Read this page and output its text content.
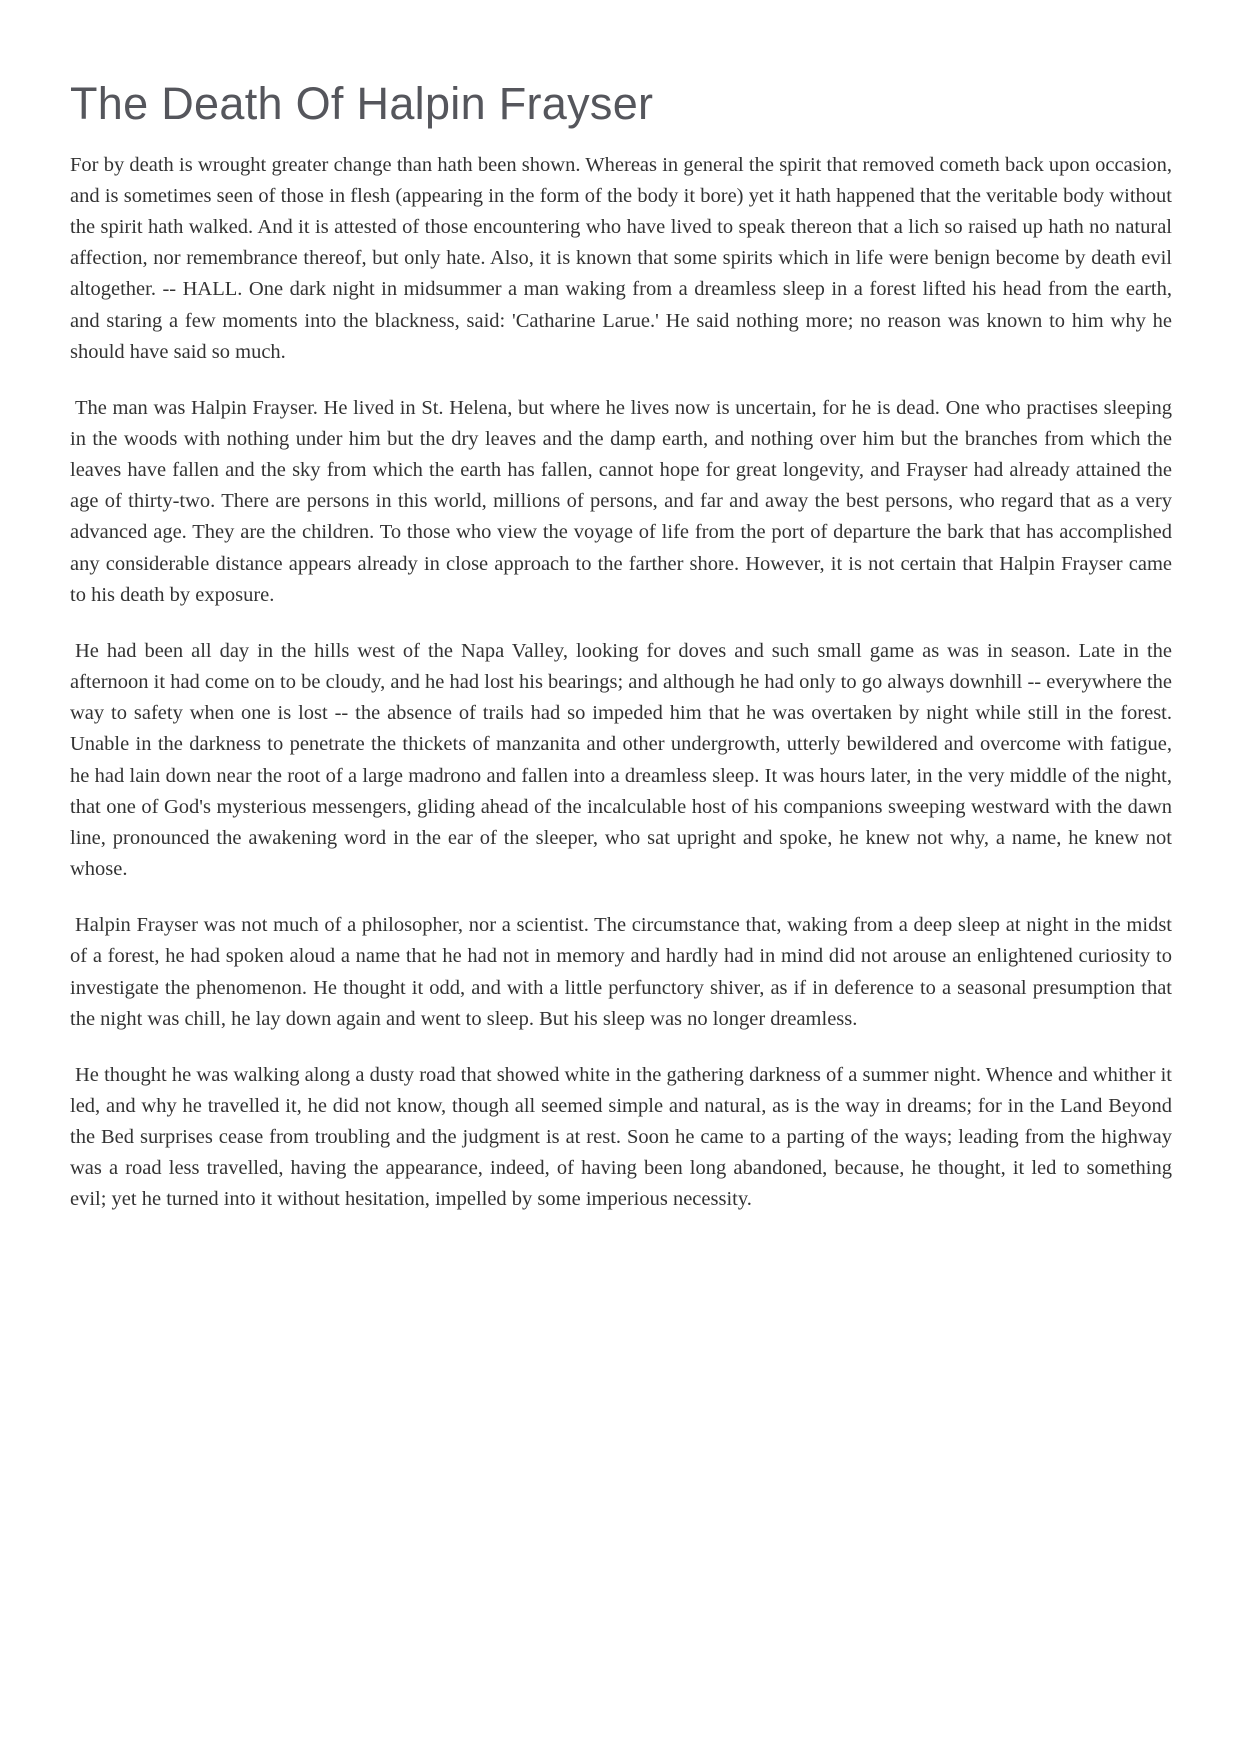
The Death Of Halpin Frayser

For by death is wrought greater change than hath been shown. Whereas in general the spirit that removed cometh back upon occasion, and is sometimes seen of those in flesh (appearing in the form of the body it bore) yet it hath happened that the veritable body without the spirit hath walked. And it is attested of those encountering who have lived to speak thereon that a lich so raised up hath no natural affection, nor remembrance thereof, but only hate. Also, it is known that some spirits which in life were benign become by death evil altogether. -- HALL. One dark night in midsummer a man waking from a dreamless sleep in a forest lifted his head from the earth, and staring a few moments into the blackness, said: 'Catharine Larue.' He said nothing more; no reason was known to him why he should have said so much.

The man was Halpin Frayser. He lived in St. Helena, but where he lives now is uncertain, for he is dead. One who practises sleeping in the woods with nothing under him but the dry leaves and the damp earth, and nothing over him but the branches from which the leaves have fallen and the sky from which the earth has fallen, cannot hope for great longevity, and Frayser had already attained the age of thirty-two. There are persons in this world, millions of persons, and far and away the best persons, who regard that as a very advanced age. They are the children. To those who view the voyage of life from the port of departure the bark that has accomplished any considerable distance appears already in close approach to the farther shore. However, it is not certain that Halpin Frayser came to his death by exposure.

He had been all day in the hills west of the Napa Valley, looking for doves and such small game as was in season. Late in the afternoon it had come on to be cloudy, and he had lost his bearings; and although he had only to go always downhill -- everywhere the way to safety when one is lost -- the absence of trails had so impeded him that he was overtaken by night while still in the forest. Unable in the darkness to penetrate the thickets of manzanita and other undergrowth, utterly bewildered and overcome with fatigue, he had lain down near the root of a large madrono and fallen into a dreamless sleep. It was hours later, in the very middle of the night, that one of God's mysterious messengers, gliding ahead of the incalculable host of his companions sweeping westward with the dawn line, pronounced the awakening word in the ear of the sleeper, who sat upright and spoke, he knew not why, a name, he knew not whose.

Halpin Frayser was not much of a philosopher, nor a scientist. The circumstance that, waking from a deep sleep at night in the midst of a forest, he had spoken aloud a name that he had not in memory and hardly had in mind did not arouse an enlightened curiosity to investigate the phenomenon. He thought it odd, and with a little perfunctory shiver, as if in deference to a seasonal presumption that the night was chill, he lay down again and went to sleep. But his sleep was no longer dreamless.

He thought he was walking along a dusty road that showed white in the gathering darkness of a summer night. Whence and whither it led, and why he travelled it, he did not know, though all seemed simple and natural, as is the way in dreams; for in the Land Beyond the Bed surprises cease from troubling and the judgment is at rest. Soon he came to a parting of the ways; leading from the highway was a road less travelled, having the appearance, indeed, of having been long abandoned, because, he thought, it led to something evil; yet he turned into it without hesitation, impelled by some imperious necessity.
